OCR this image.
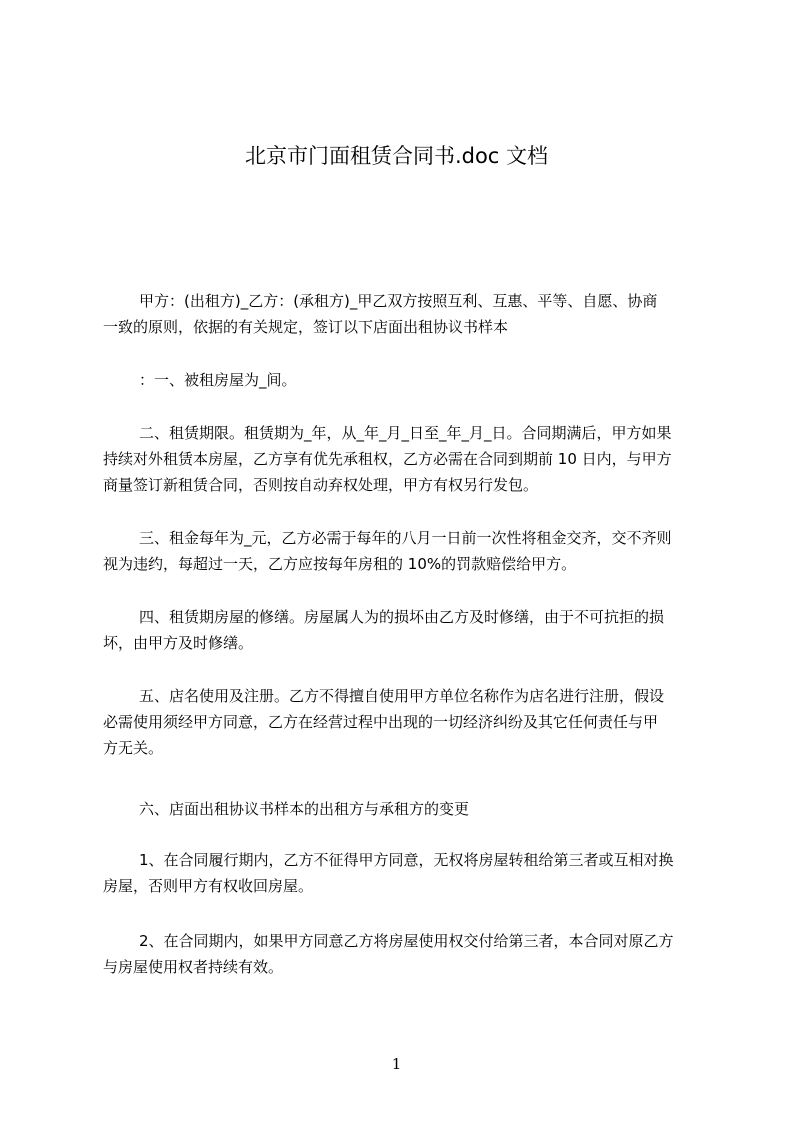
北京市门面租赁合同书.doc 文档
甲方：(出租方)_乙方：(承租方)_甲乙双方按照互利、互惠、平等、自愿、协商
一致的原则，依据的有关规定，签订以下店面出租协议书样本
：一、被租房屋为_间。
二、租赁期限。租赁期为_年，从_年_月_日至_年_月_日。合同期满后，甲方如果
持续对外租赁本房屋，乙方享有优先承租权，乙方必需在合同到期前 10 日内，与甲方
商量签订新租赁合同，否则按自动弃权处理，甲方有权另行发包。
三、租金每年为_元，乙方必需于每年的八月一日前一次性将租金交齐，交不齐则
视为违约，每超过一天，乙方应按每年房租的 10%的罚款赔偿给甲方。
四、租赁期房屋的修缮。房屋属人为的损坏由乙方及时修缮，由于不可抗拒的损
坏，由甲方及时修缮。
五、店名使用及注册。乙方不得擅自使用甲方单位名称作为店名进行注册，假设
必需使用须经甲方同意，乙方在经营过程中出现的一切经济纠纷及其它任何责任与甲
方无关。
六、店面出租协议书样本的出租方与承租方的变更
1、在合同履行期内，乙方不征得甲方同意，无权将房屋转租给第三者或互相对换
房屋，否则甲方有权收回房屋。
2、在合同期内，如果甲方同意乙方将房屋使用权交付给第三者，本合同对原乙方
与房屋使用权者持续有效。
1
